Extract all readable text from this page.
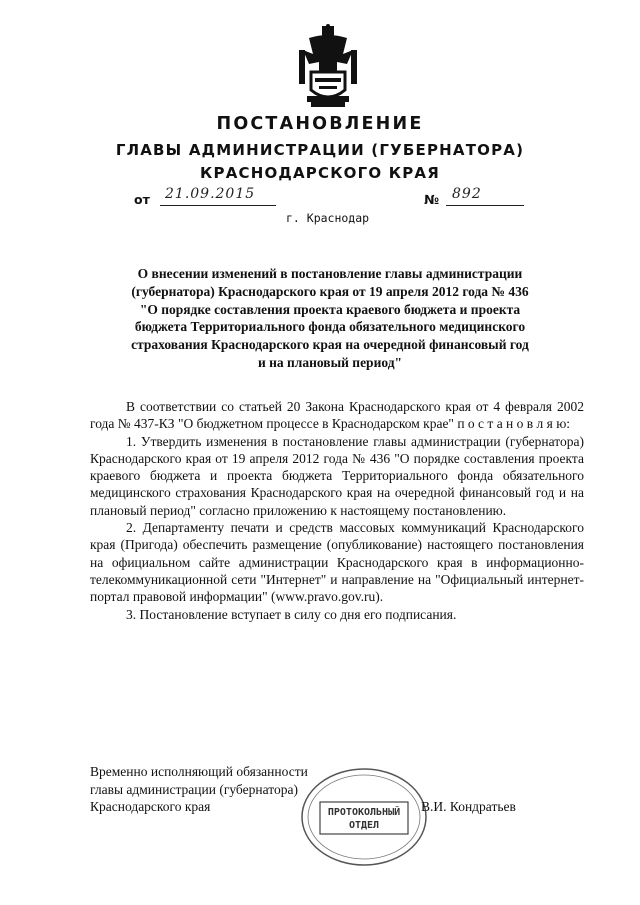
ПОСТАНОВЛЕНИЕ
ГЛАВЫ АДМИНИСТРАЦИИ (ГУБЕРНАТОРА)
КРАСНОДАРСКОГО КРАЯ
от 21.09.2015	№ 892
г. Краснодар
О внесении изменений в постановление главы администрации
(губернатора) Краснодарского края от 19 апреля 2012 года № 436
"О порядке составления проекта краевого бюджета и проекта
бюджета Территориального фонда обязательного медицинского
страхования Краснодарского края на очередной финансовый год
и на плановый период"

В соответствии со статьей 20 Закона Краснодарского края от 4 февраля 2002 года № 437-КЗ "О бюджетном процессе в Краснодарском крае" п о с т а н о в л я ю:

1. Утвердить изменения в постановление главы администрации (губернатора) Краснодарского края от 19 апреля 2012 года № 436 "О порядке составления проекта краевого бюджета и проекта бюджета Территориального фонда обязательного медицинского страхования Краснодарского края на очередной финансовый год и на плановый период" согласно приложению к настоящему постановлению.

2. Департаменту печати и средств массовых коммуникаций Краснодарского края (Пригода) обеспечить размещение (опубликование) настоящего постановления на официальном сайте администрации Краснодарского края в информационно-телекоммуникационной сети "Интернет" и направление на "Официальный интернет-портал правовой информации" (www.pravo.gov.ru).

3. Постановление вступает в силу со дня его подписания.

Временно исполняющий обязанности
главы администрации (губернатора)
Краснодарского края	ПРОТОКОЛЬНЫЙ
ОТДЕЛ
В.И. Кондратьев
